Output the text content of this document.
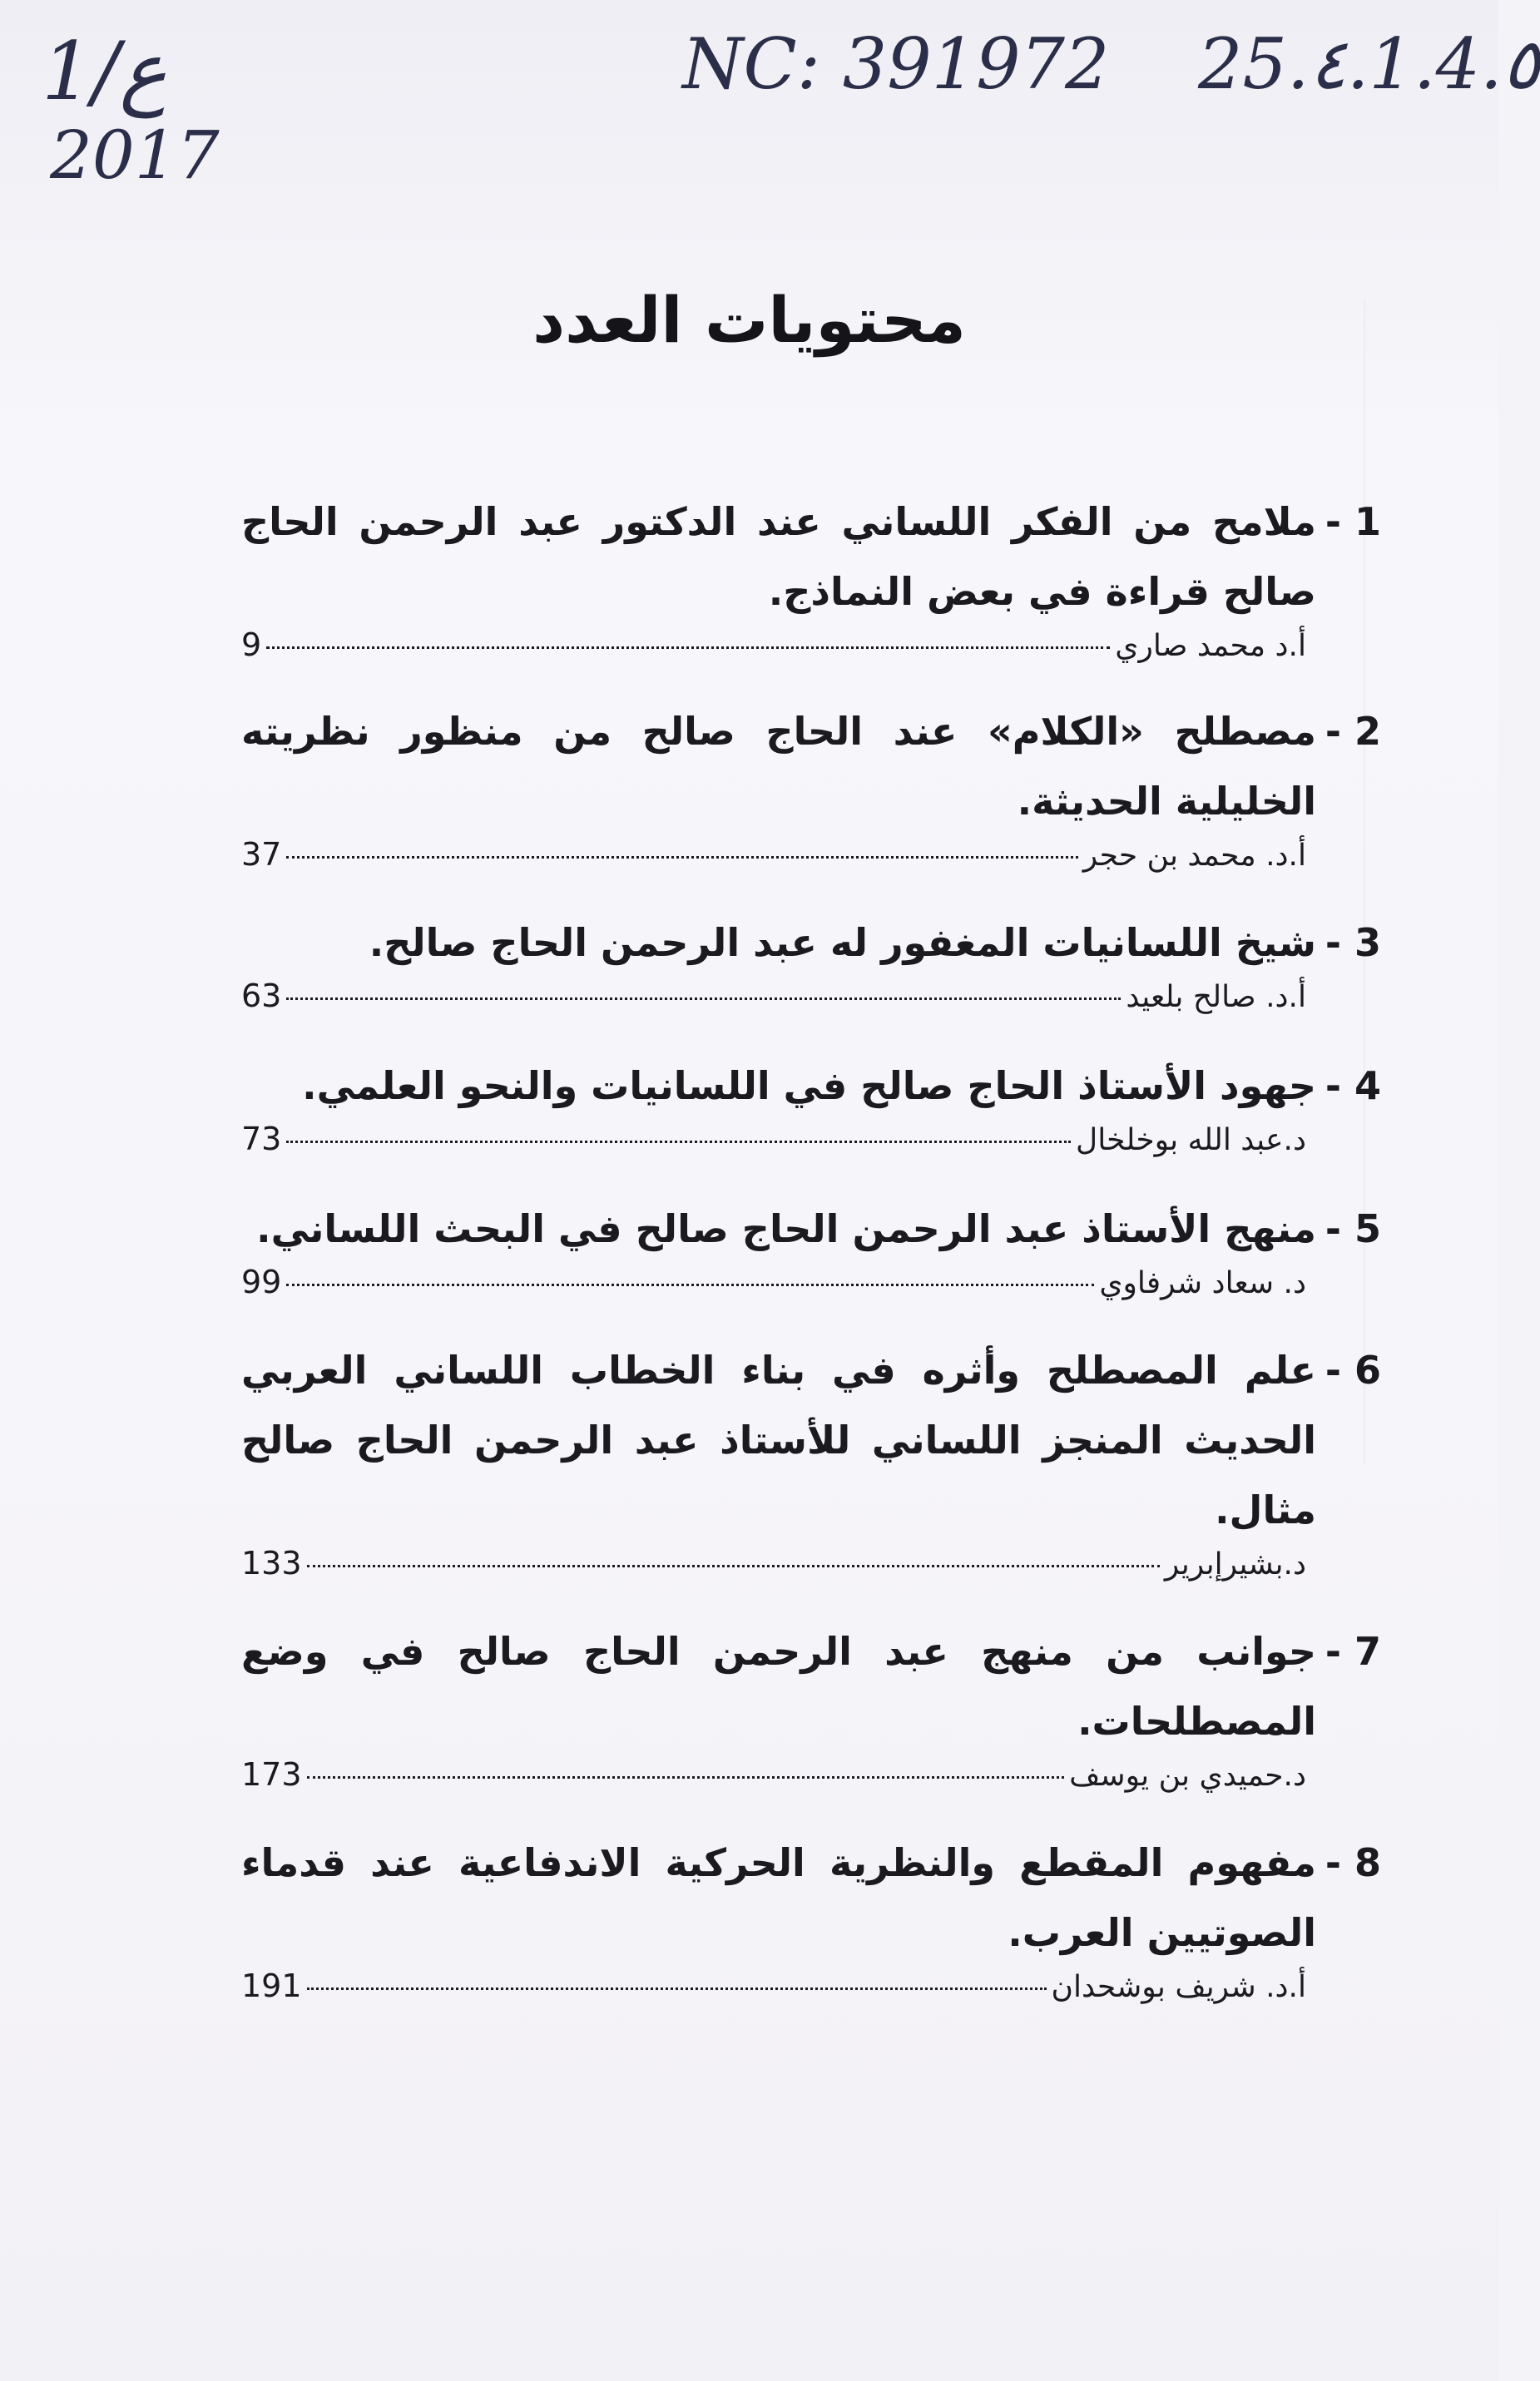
1/ع
2017
NC: 391972 25.٤.1.4.٥
محتويات العدد
1 -
ملامح من الفكر اللساني عند الدكتور عبد الرحمن الحاج صالح قراءة في بعض النماذج.
أ.د محمد صاري
9
2 -
مصطلح «الكلام» عند الحاج صالح من منظور نظريته الخليلية الحديثة.
أ.د. محمد بن حجر
37
3 -
شيخ اللسانيات المغفور له عبد الرحمن الحاج صالح.
أ.د. صالح بلعيد
63
4 -
جهود الأستاذ الحاج صالح في اللسانيات والنحو العلمي.
د.عبد الله بوخلخال
73
5 -
منهج الأستاذ عبد الرحمن الحاج صالح في البحث اللساني.
د. سعاد شرفاوي
99
6 -
علم المصطلح وأثره في بناء الخطاب اللساني العربي الحديث المنجز اللساني للأستاذ عبد الرحمن الحاج صالح مثال.
د.بشيرإبرير
133
7 -
جوانب من منهج عبد الرحمن الحاج صالح في وضع المصطلحات.
د.حميدي بن يوسف
173
8 -
مفهوم المقطع والنظرية الحركية الاندفاعية عند قدماء الصوتيين العرب.
أ.د. شريف بوشحدان
191
